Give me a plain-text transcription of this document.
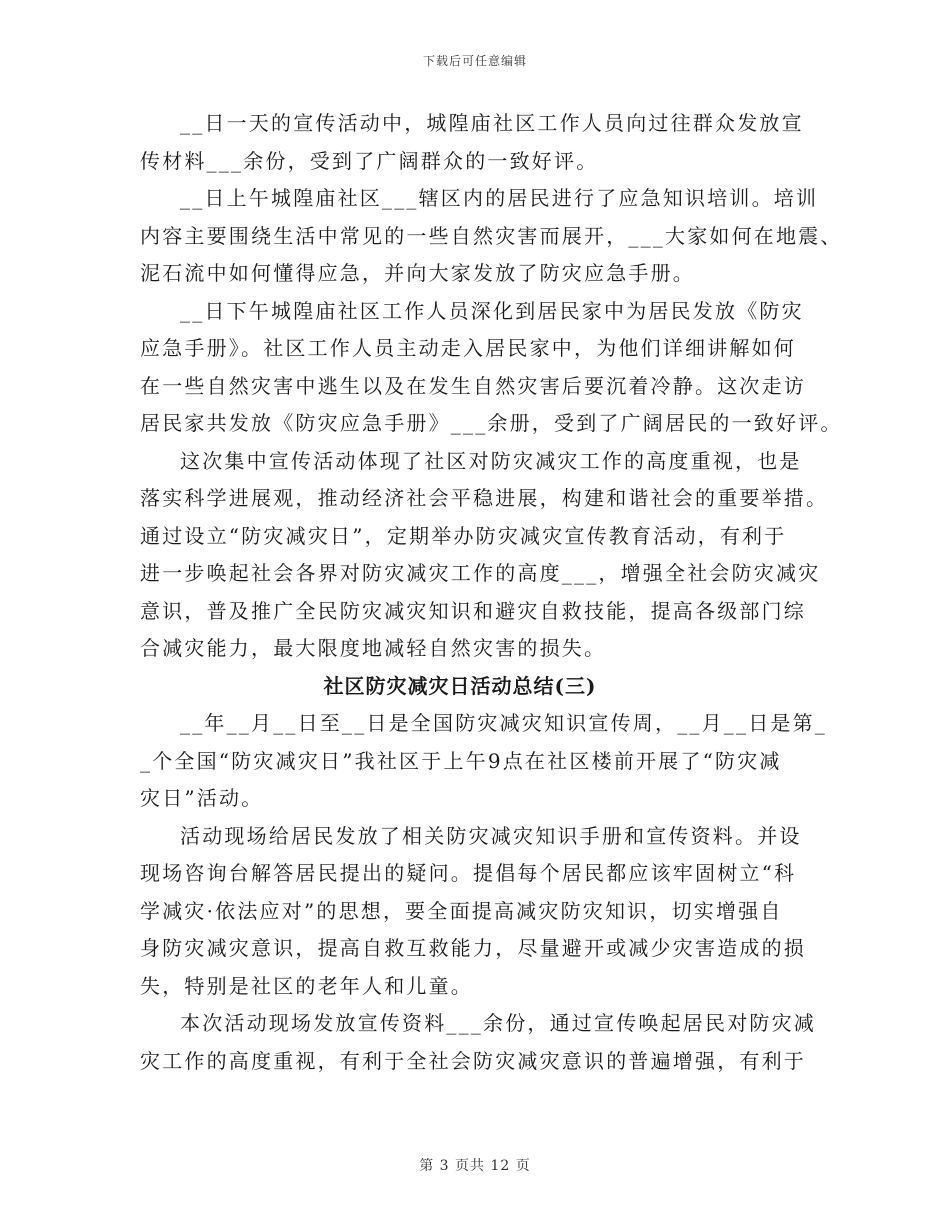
下载后可任意编辑

__日一天的宣传活动中，城隍庙社区工作人员向过往群众发放宣
传材料___余份，受到了广阔群众的一致好评。

__日上午城隍庙社区___辖区内的居民进行了应急知识培训。培训
内容主要围绕生活中常见的一些自然灾害而展开，___大家如何在地震、
泥石流中如何懂得应急，并向大家发放了防灾应急手册。

__日下午城隍庙社区工作人员深化到居民家中为居民发放《防灾
应急手册》。社区工作人员主动走入居民家中，为他们详细讲解如何
在一些自然灾害中逃生以及在发生自然灾害后要沉着冷静。这次走访
居民家共发放《防灾应急手册》___余册，受到了广阔居民的一致好评。

这次集中宣传活动体现了社区对防灾减灾工作的高度重视，也是
落实科学进展观，推动经济社会平稳进展，构建和谐社会的重要举措。
通过设立“防灾减灾日”，定期举办防灾减灾宣传教育活动，有利于
进一步唤起社会各界对防灾减灾工作的高度___，增强全社会防灾减灾
意识，普及推广全民防灾减灾知识和避灾自救技能，提高各级部门综
合减灾能力，最大限度地减轻自然灾害的损失。

社区防灾减灾日活动总结(三)

__年__月__日至__日是全国防灾减灾知识宣传周，__月__日是第_
_个全国“防灾减灾日”我社区于上午9点在社区楼前开展了“防灾减
灾日”活动。

活动现场给居民发放了相关防灾减灾知识手册和宣传资料。并设
现场咨询台解答居民提出的疑问。提倡每个居民都应该牢固树立“科
学减灾·依法应对”的思想，要全面提高减灾防灾知识，切实增强自
身防灾减灾意识，提高自救互救能力，尽量避开或减少灾害造成的损
失，特别是社区的老年人和儿童。

本次活动现场发放宣传资料___余份，通过宣传唤起居民对防灾减
灾工作的高度重视，有利于全社会防灾减灾意识的普遍增强，有利于

第 3 页共 12 页
